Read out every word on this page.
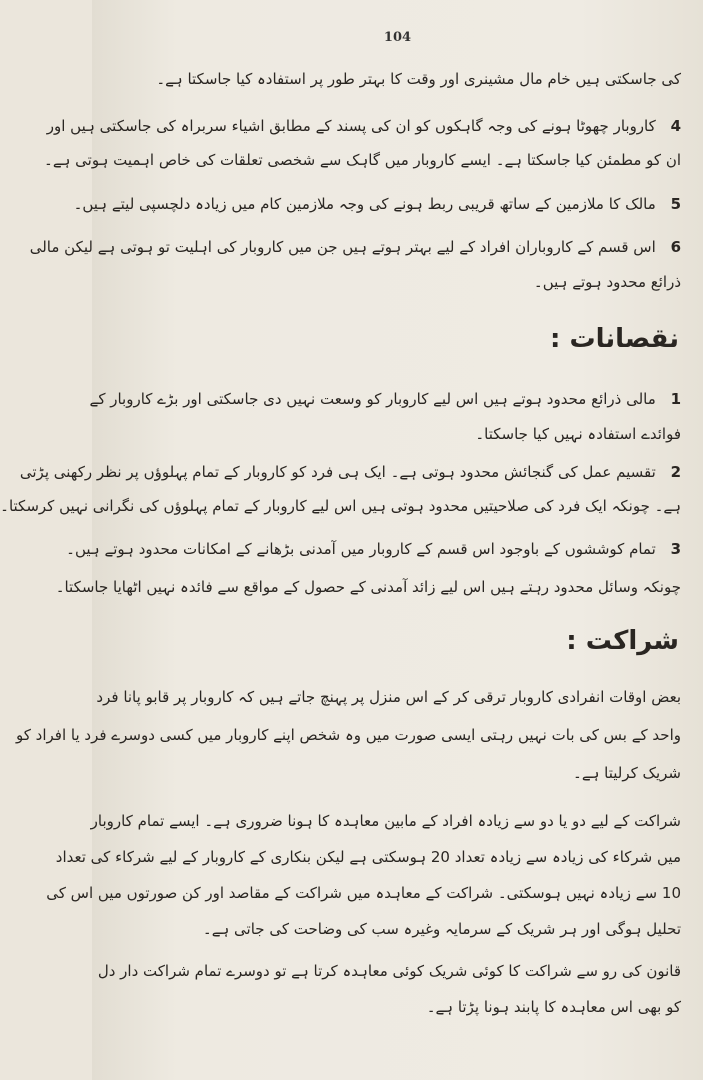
104
کی جاسکتی ہیں خام مال مشینری اور وقت کا بہتر طور پر استفادہ کیا جاسکتا ہے۔
4 کاروبار چھوٹا ہونے کی وجہ گاہکوں کو ان کی پسند کے مطابق اشیاء سربراہ کی جاسکتی ہیں اور
ان کو مطمئن کیا جاسکتا ہے۔ ایسے کاروبار میں گاہک سے شخصی تعلقات کی خاص اہمیت ہوتی ہے۔
5 مالک کا ملازمین کے ساتھ قریبی ربط ہونے کی وجہ ملازمین کام میں زیادہ دلچسپی لیتے ہیں۔
6 اس قسم کے کاروباران افراد کے لیے بہتر ہوتے ہیں جن میں کاروبار کی اہلیت تو ہوتی ہے لیکن مالی
ذرائع محدود ہوتے ہیں۔
نقصانات :
1 مالی ذرائع محدود ہوتے ہیں اس لیے کاروبار کو وسعت نہیں دی جاسکتی اور بڑے کاروبار کے
فوائدے استفادہ نہیں کیا جاسکتا۔
2 تقسیم عمل کی گنجائش محدود ہوتی ہے۔ ایک ہی فرد کو کاروبار کے تمام پہلوؤں پر نظر رکھنی پڑتی
ہے۔ چونکہ ایک فرد کی صلاحیتیں محدود ہوتی ہیں اس لیے کاروبار کے تمام پہلوؤں کی نگرانی نہیں کرسکتا۔
3 تمام کوششوں کے باوجود اس قسم کے کاروبار میں آمدنی بڑھانے کے امکانات محدود ہوتے ہیں۔
چونکہ وسائل محدود رہتے ہیں اس لیے زائد آمدنی کے حصول کے مواقع سے فائدہ نہیں اٹھایا جاسکتا۔
شراکت :
بعض اوقات انفرادی کاروبار ترقی کر کے اس منزل پر پہنچ جاتے ہیں کہ کاروبار پر قابو پانا فرد
واحد کے بس کی بات نہیں رہتی ایسی صورت میں وہ شخص اپنے کاروبار میں کسی دوسرے فرد یا افراد کو
شریک کرلیتا ہے۔
شراکت کے لیے دو یا دو سے زیادہ افراد کے مابین معاہدہ کا ہونا ضروری ہے۔ ایسے تمام کاروبار
میں شرکاء کی زیادہ سے زیادہ تعداد 20 ہوسکتی ہے لیکن بنکاری کے کاروبار کے لیے شرکاء کی تعداد
10 سے زیادہ نہیں ہوسکتی۔ شراکت کے معاہدہ میں شراکت کے مقاصد اور کن صورتوں میں اس کی
تحلیل ہوگی اور ہر شریک کے سرمایہ وغیرہ سب کی وضاحت کی جاتی ہے۔
قانون کی رو سے شراکت کا کوئی شریک کوئی معاہدہ کرتا ہے تو دوسرے تمام شراکت دار دل
کو بھی اس معاہدہ کا پابند ہونا پڑتا ہے۔
